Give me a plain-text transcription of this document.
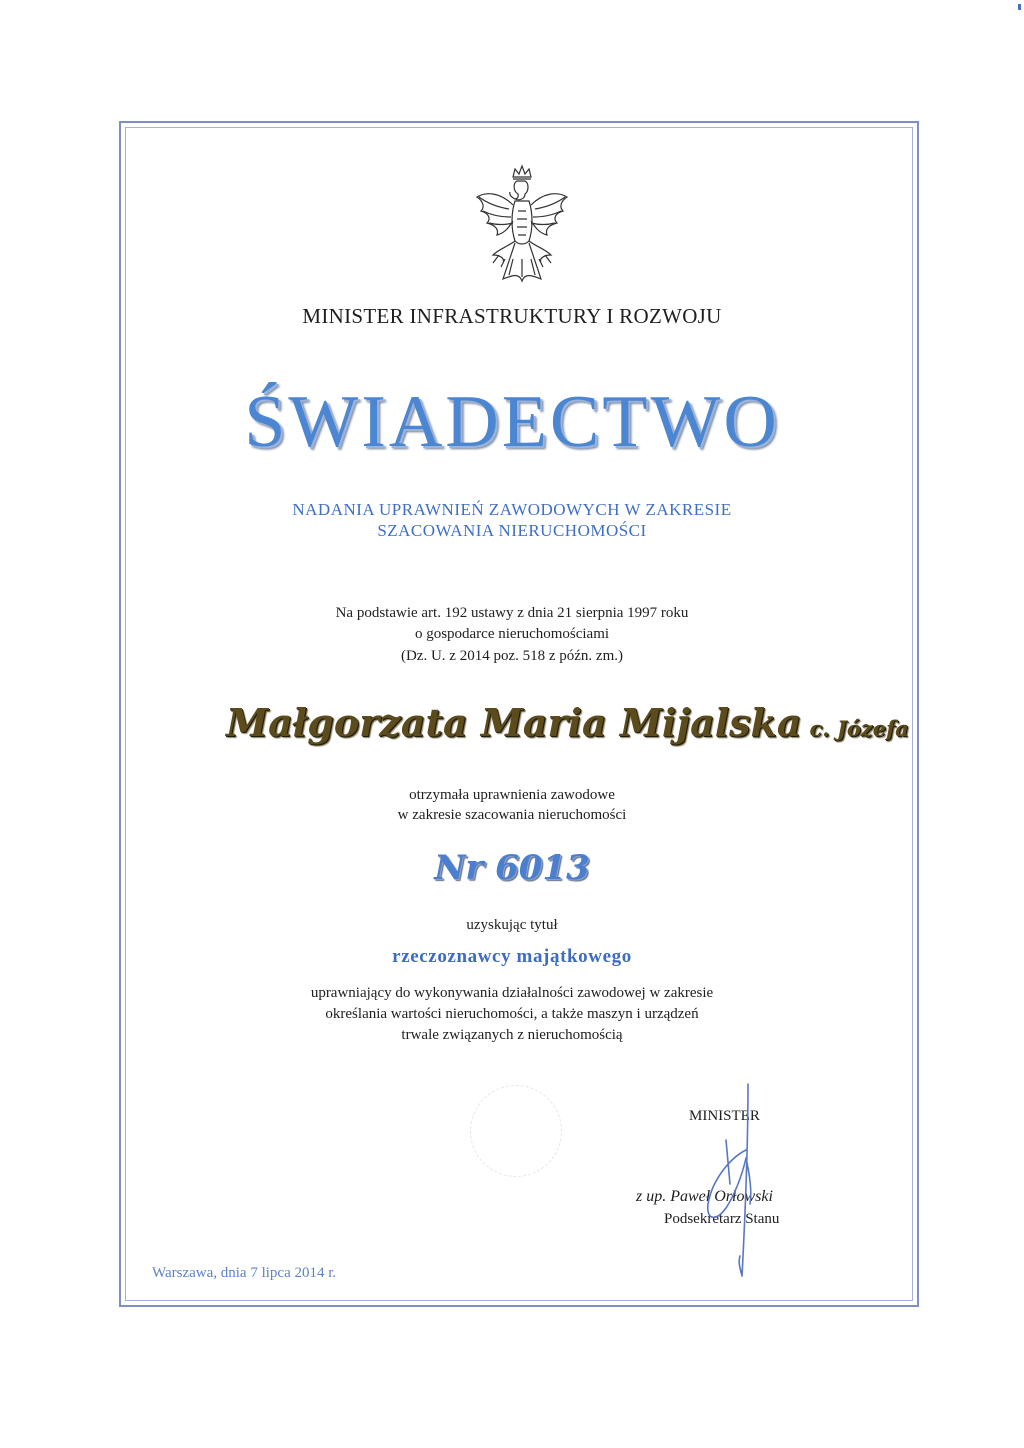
MINISTER INFRASTRUKTURY I ROZWOJU
ŚWIADECTWO
NADANIA UPRAWNIEŃ ZAWODOWYCH W ZAKRESIE
SZACOWANIA NIERUCHOMOŚCI
Na podstawie art. 192 ustawy z dnia 21 sierpnia 1997 roku
o gospodarce nieruchomościami
(Dz. U. z 2014 poz. 518 z późn. zm.)
Małgorzata Maria Mijalska c. Józefa
otrzymała uprawnienia zawodowe
w zakresie szacowania nieruchomości
Nr 6013
uzyskując tytuł
rzeczoznawcy majątkowego
uprawniający do wykonywania działalności zawodowej w zakresie
określania wartości nieruchomości, a także maszyn i urządzeń
trwale związanych z nieruchomością
MINISTER
z up. Paweł Orłowski
Podsekretarz Stanu
Warszawa, dnia 7 lipca 2014 r.
